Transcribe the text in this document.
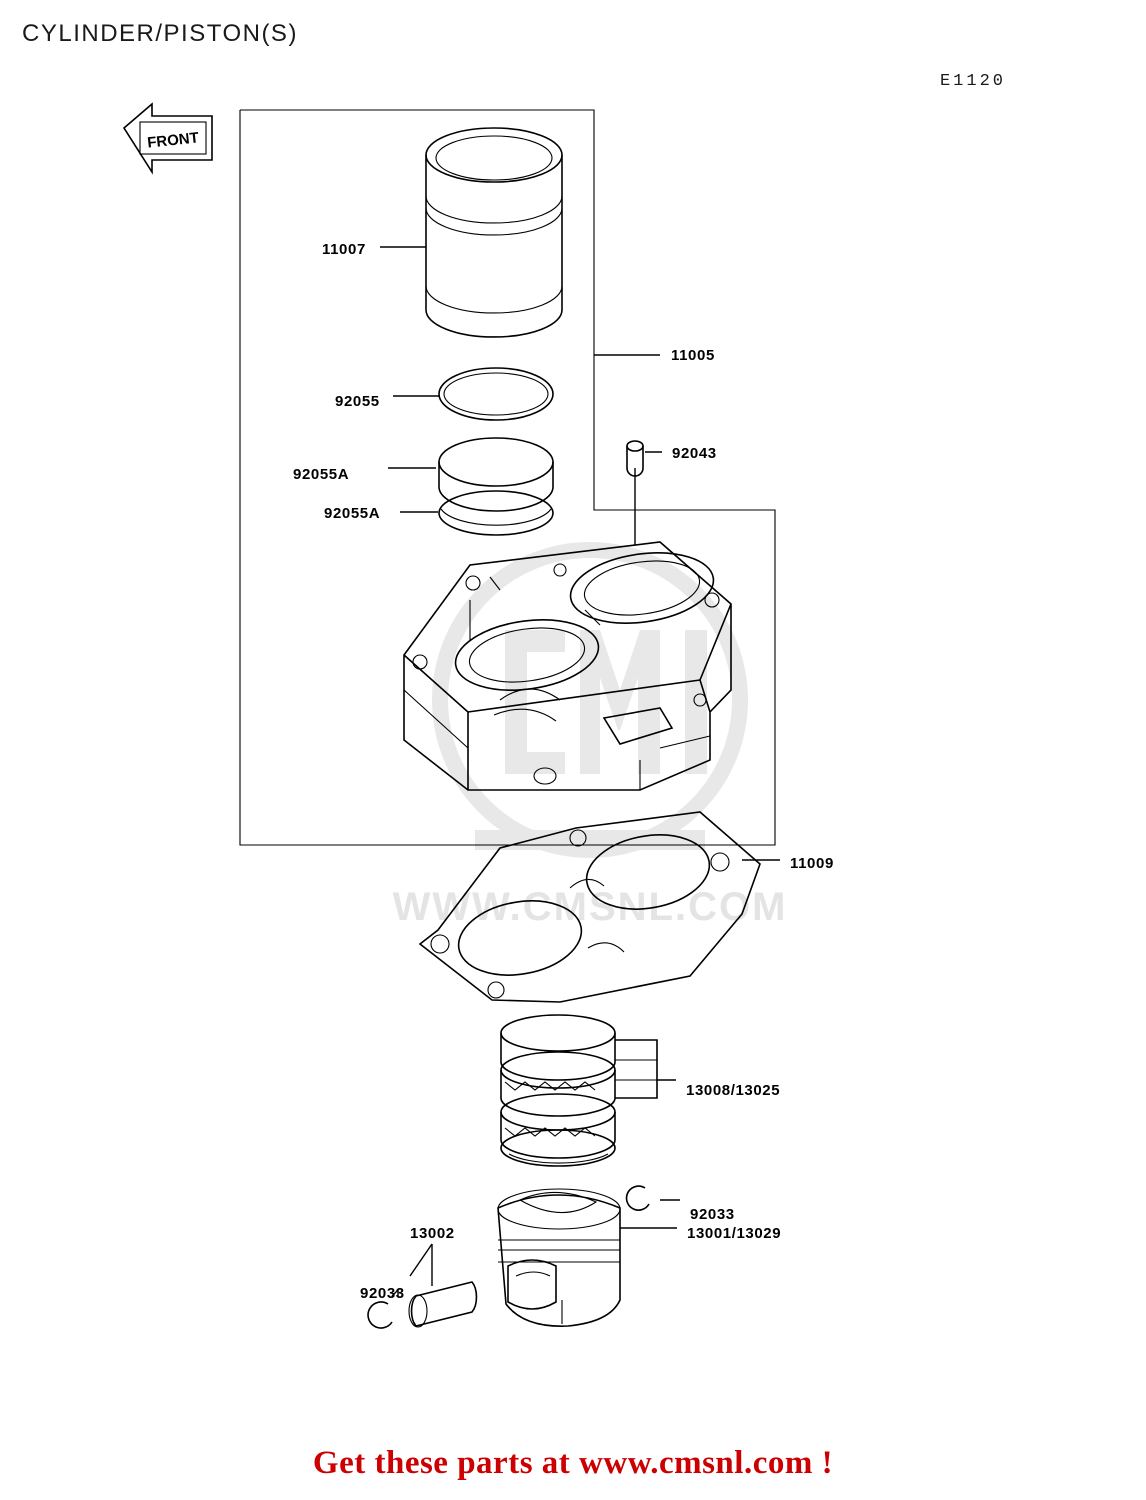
CYLINDER/PISTON(S)
E1120
WWW.CMSNL.COM
FRONT
11007
11005
92055
92043
92055A
92055A
11009
13008/13025
92033
13001/13029
13002
92033
Get these parts at www.cmsnl.com !
